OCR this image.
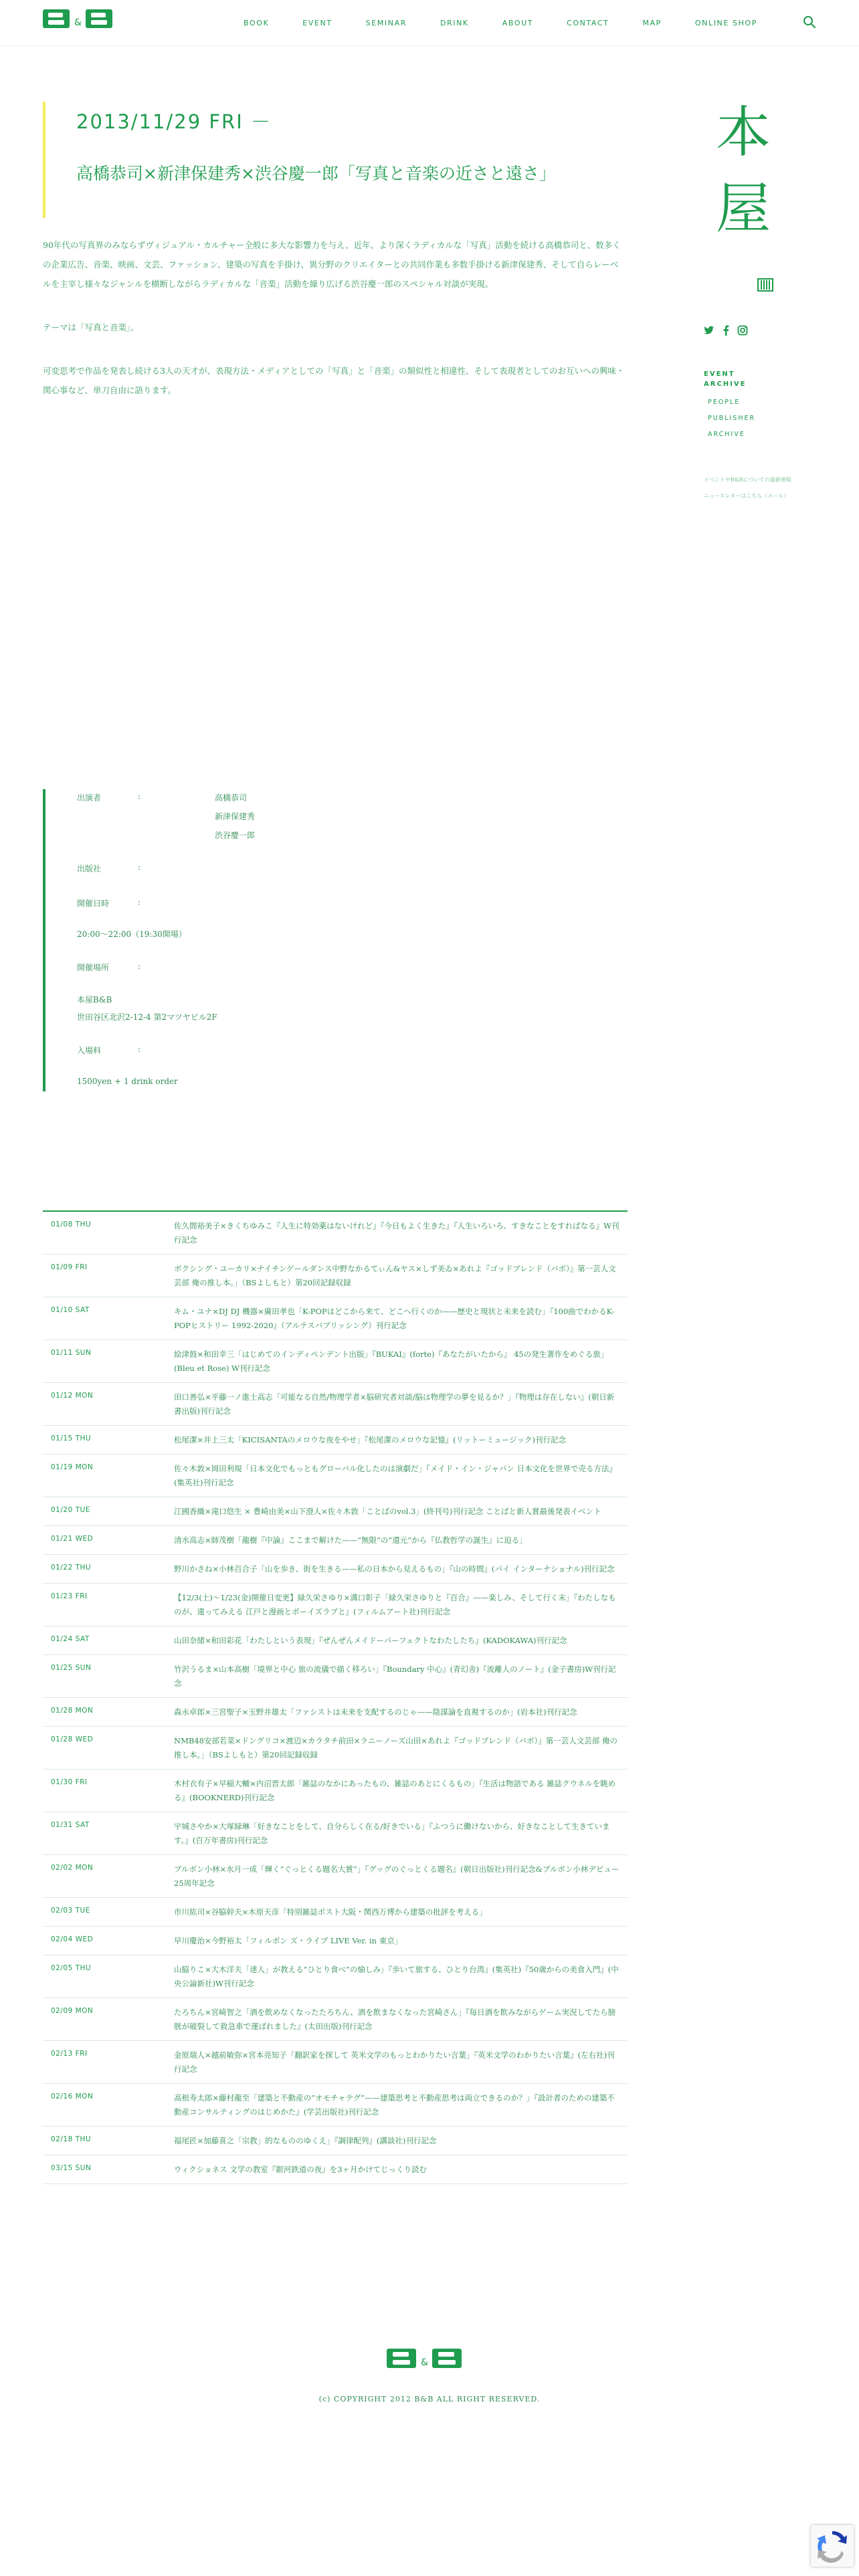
&	BOOK	EVENT	SEMINAR	DRINK	ABOUT	CONTACT	MAP	ONLINE SHOP
2013/11/29 FRI －
高橋恭司×新津保建秀×渋谷慶一郎「写真と音楽の近さと遠さ」

90年代の写真界のみならずヴィジュアル・カルチャー全般に多大な影響力を与え、近年、より深くラディカルな「写真」活動を続ける高橋恭司と、数多くの企業広告、音楽、映画、文芸、ファッション、建築の写真を手掛け、異分野のクリエイターとの共同作業も多数手掛ける新津保建秀、そして自らレーベルを主宰し様々なジャンルを横断しながらラディカルな「音楽」活動を繰り広げる渋谷慶一郎のスペシャル対談が実現。

テーマは「写真と音楽」。

可変思考で作品を発表し続ける3人の天才が、表現方法・メディアとしての「写真」と「音楽」の類似性と相違性、そして表現者としてのお互いへの興味・関心事など、単刀自由に語ります。

本
屋
EVENT
ARCHIVE
PEOPLE
PUBLISHER
ARCHIVE
イベントやB&Bについての最新情報
ニュースレターはこちら（メール）
出演者	:	高橋恭司
新津保建秀
渋谷慶一郎
出版社	:
開催日時	:
20:00〜22:00（19:30開場）
開催場所	:
本屋B&B
世田谷区北沢2-12-4 第2マツヤビル2F
入場料	:
1500yen + 1 drink order
01/08 THU	佐久間裕美子×きくちゆみこ『人生に特効薬はないけれど』『今日もよく生きた』『人生いろいろ、すきなことをすればなる』W刊行記念
01/09 FRI	ボクシング・ユーカリ×ナイチンゲールダンス中野なかるてぃん&ヤス×しず美ゐ×あれよ『ゴッドブレンド（バボ）』第一芸人文芸部 俺の推し本。」（BSよしもと）第20回記録収録
01/10 SAT	キム・ユナ×DJ DJ 機器×廣田孝也「K-POPはどこから来て、どこへ行くのか——歴史と現状と未来を読む」『100曲でわかるK-POPヒストリー 1992-2020』（アルテスパブリッシング）刊行記念
01/11 SUN	絵津鼓×和田幸三「はじめてのインディペンデント出版」『BUKAI』(forte)『あなたがいたから』 45の発生著作をめぐる旅」(Bleu et Rose) W刊行記念
01/12 MON	田口善弘×平藤一ノ進士高志「可能なる自然/物理学者×脳研究者対談/脳は物理学の夢を見るか？」『物理は存在しない』(朝日新書出版)刊行記念
01/15 THU	松尾潔×井上三太「KICISANTAのメロウな夜をやせ」『松尾潔のメロウな記憶』(リットーミュージック)刊行記念
01/19 MON	佐々木敦×岡田利規「日本文化でもっともグローバル化したのは演劇だ」『メイド・イン・ジャパン 日本文化を世界で売る方法』(集英社)刊行記念
01/20 TUE	江國香織×滝口悠生 × 豊崎由美×山下澄人×佐々木敦「ことばのvol.3」(終刊号)刊行記念 ことばと新人賞最後発表イベント
01/21 WED	清水高志×師茂樹「龍樹『中論』ここまで解けた——“無限”の“還元”から『仏教哲学の誕生』に迫る」
01/22 THU	野川かさね×小林百合子「山を歩き、街を生きる——私の日本から見えるもの」『山の時間』(パイ インターナショナル)刊行記念
01/23 FRI	【12/3(土)〜1/23(金)開催日変更】緑久栄さゆり×溝口彰子「緑久栄さゆりと『百合』——楽しみ、そして行く末」『わたしなものが、違ってみえる 江戸と漫画とボーイズラブと』(フィルムアート社)刊行記念
01/24 SAT	山田奈緒×和田彩花「わたしという表現」『ぜんぜんメイドーパーフェクトなわたしたち』(KADOKAWA)刊行記念
01/25 SUN	竹沢うるま×山本高樹「境界と中心 旅の流儀で描く移ろい」『Boundary 中心』(青幻舎)『流離人のノート』(金子書房)W刊行記念
01/28 MON	森永卓郎×三宮聖子×玉野井雄太「ファシストは未来を支配するのじゃ——陰謀論を直視するのか」(岩本社)刊行記念
01/28 WED	NMB48安部若菜×ドングリコ×渡辺×カラタチ前田×ラニーノーズ山田×あれよ『ゴッドブレンド（バボ）』第一芸人文芸部 俺の推し本。」（BSよしもと）第20回記録収録
01/30 FRI	木村衣有子×早稲大輔×内沼晋太郎「雑誌のなかにあったもの、雑誌のあとにくるもの」『生活は物語である 雑誌クウネルを眺める』(BOOKNERD)刊行記念
01/31 SAT	宇城さやか×大塚緑琳「好きなことをして、自分らしく在る/好きでいる」『ふつうに働けないから、好きなことして生きています。』(百万年書房)刊行記念
02/02 MON	ブルボン小林×水月一成「輝く“ぐっとくる題名大賞”」『グッグのぐっとくる題名』(朝日出版社)刊行記念&ブルボン小林デビュー25周年記念
02/03 TUE	市川紘司×谷脇幹夫×木原天彦「特別雑誌ポスト大阪・関西万博から建築の批評を考える」
02/04 WED	早川慶治×今野裕太「フィルボン ズ・ライブ LIVE Ver. in 東京」
02/05 THU	山脇りこ×大木洋夫「達人」が教える“ひとり食べ”の愉しみ」『歩いて旅する、ひとり台湾』(集英社)『50歳からの美食入門』(中央公論新社)W刊行記念
02/09 MON	たろちん×宮崎智之「酒を飲めなくなったたろちん、酒を飲まなくなった宮崎さん」『毎日酒を飲みながらゲーム実況してたら膀胱が破裂して救急車で運ばれました』(太田出版)刊行記念
02/13 FRI	金原瑞人×越前敏弥×宮本亮知子「翻訳家を探して 英米文学のもっとわかりたい言葉」『英米文学のわかりたい言葉』(左右社)刊行記念
02/16 MON	高根寿太郎×藤村龍至「建築と不動産の“オモチャテグ”——建築思考と不動産思考は両立できるのか？」『設計者のための建築不動産コンサルティングのはじめかた』(学芸出版社)刊行記念
02/18 THU	福尾匠×加藤喜之「宗教」的なもののゆくえ」『調律配列』(講談社)刊行記念
03/15 SUN	ウィクショネス 文学の教室『銀河鉄道の夜』を3ヶ月かけてじっくり読む
&
(c) COPYRIGHT 2012 B&B ALL RIGHT RESERVED.
